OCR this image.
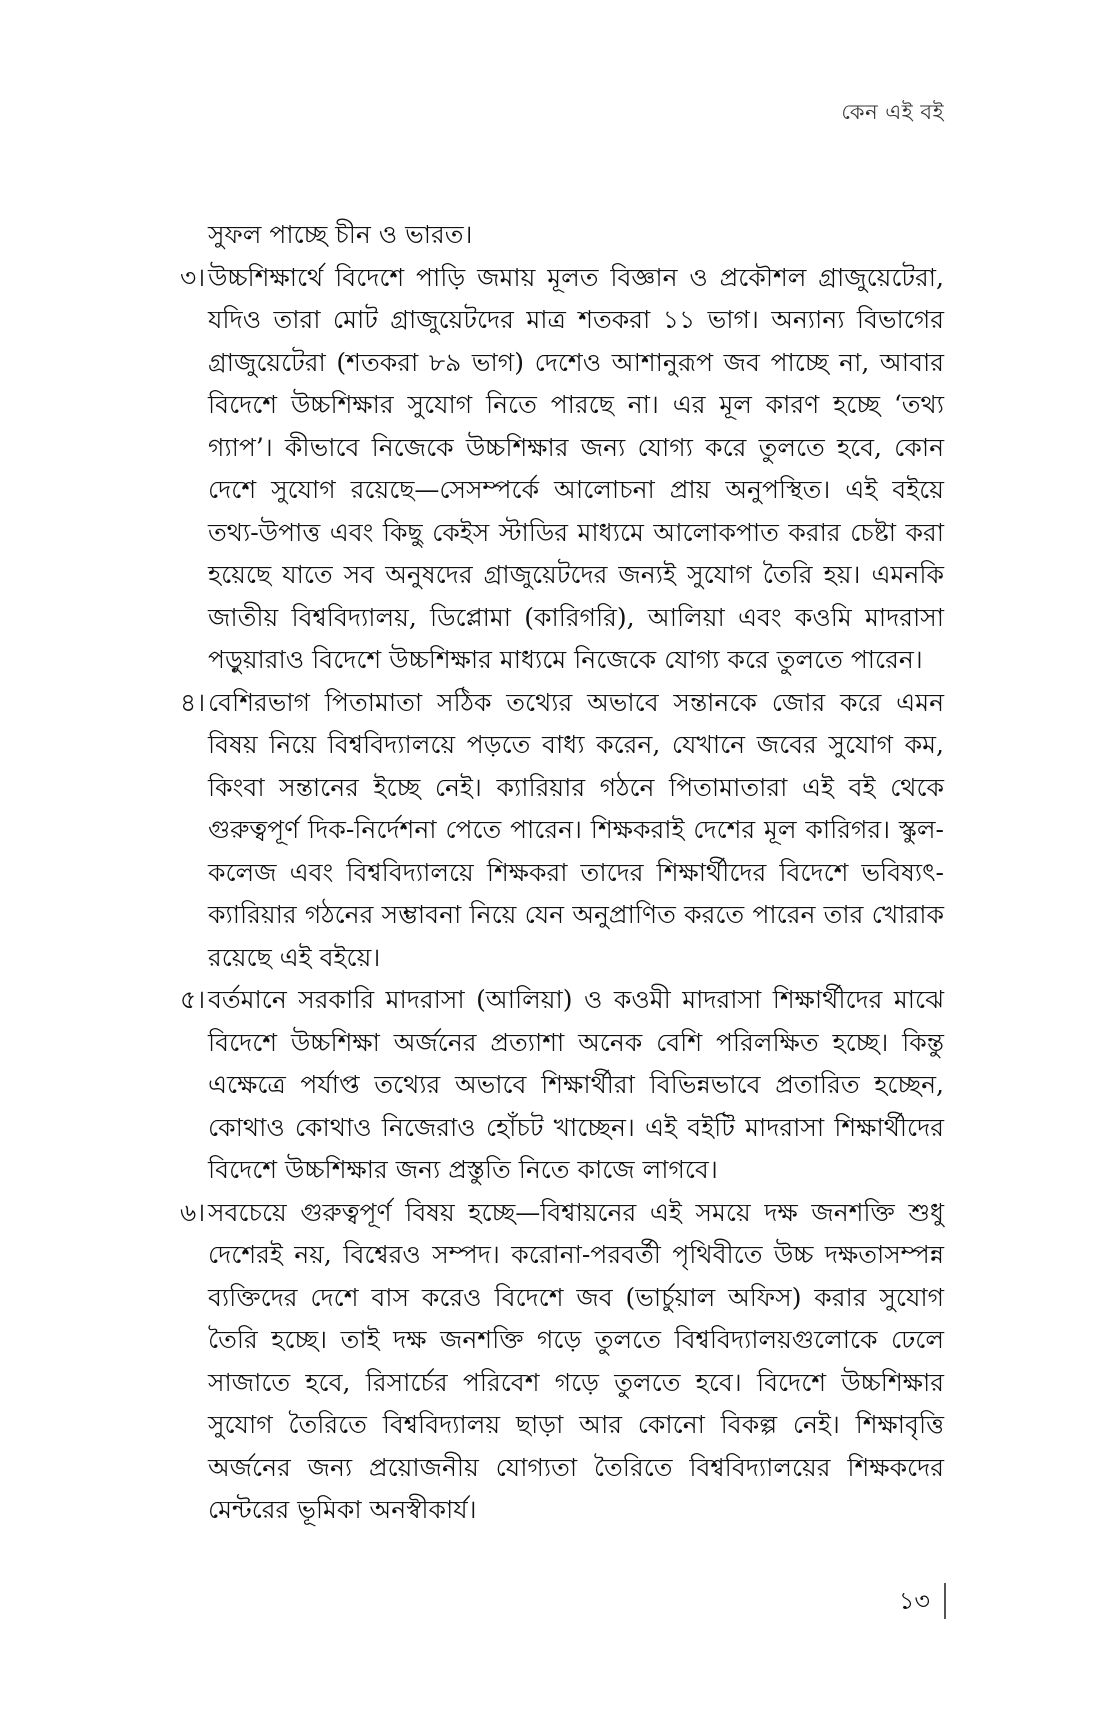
কেন এই বই

সুফল পাচ্ছে চীন ও ভারত।

৩। উচ্চশিক্ষার্থে বিদেশে পাড়ি জমায় মূলত বিজ্ঞান ও প্রকৌশল গ্রাজুয়েটেরা, যদিও তারা মোট গ্রাজুয়েটদের মাত্র শতকরা ১১ ভাগ। অন্যান্য বিভাগের গ্রাজুয়েটেরা (শতকরা ৮৯ ভাগ) দেশেও আশানুরূপ জব পাচ্ছে না, আবার বিদেশে উচ্চশিক্ষার সুযোগ নিতে পারছে না। এর মূল কারণ হচ্ছে ‘তথ্য গ্যাপ’। কীভাবে নিজেকে উচ্চশিক্ষার জন্য যোগ্য করে তুলতে হবে, কোন দেশে সুযোগ রয়েছে—সেসম্পর্কে আলোচনা প্রায় অনুপস্থিত। এই বইয়ে তথ্য-উপাত্ত এবং কিছু কেইস স্টাডির মাধ্যমে আলোকপাত করার চেষ্টা করা হয়েছে যাতে সব অনুষদের গ্রাজুয়েটদের জন্যই সুযোগ তৈরি হয়। এমনকি জাতীয় বিশ্ববিদ্যালয়, ডিপ্লোমা (কারিগরি), আলিয়া এবং কওমি মাদরাসা পড়ুয়ারাও বিদেশে উচ্চশিক্ষার মাধ্যমে নিজেকে যোগ্য করে তুলতে পারেন।

৪। বেশিরভাগ পিতামাতা সঠিক তথ্যের অভাবে সন্তানকে জোর করে এমন বিষয় নিয়ে বিশ্ববিদ্যালয়ে পড়তে বাধ্য করেন, যেখানে জবের সুযোগ কম, কিংবা সন্তানের ইচ্ছে নেই। ক্যারিয়ার গঠনে পিতামাতারা এই বই থেকে গুরুত্বপূর্ণ দিক-নির্দেশনা পেতে পারেন। শিক্ষকরাই দেশের মূল কারিগর। স্কুল-কলেজ এবং বিশ্ববিদ্যালয়ে শিক্ষকরা তাদের শিক্ষার্থীদের বিদেশে ভবিষ্যৎ-ক্যারিয়ার গঠনের সম্ভাবনা নিয়ে যেন অনুপ্রাণিত করতে পারেন তার খোরাক রয়েছে এই বইয়ে।

৫। বর্তমানে সরকারি মাদরাসা (আলিয়া) ও কওমী মাদরাসা শিক্ষার্থীদের মাঝে বিদেশে উচ্চশিক্ষা অর্জনের প্রত্যাশা অনেক বেশি পরিলক্ষিত হচ্ছে। কিন্তু এক্ষেত্রে পর্যাপ্ত তথ্যের অভাবে শিক্ষার্থীরা বিভিন্নভাবে প্রতারিত হচ্ছেন, কোথাও কোথাও নিজেরাও হোঁচট খাচ্ছেন। এই বইটি মাদরাসা শিক্ষার্থীদের বিদেশে উচ্চশিক্ষার জন্য প্রস্তুতি নিতে কাজে লাগবে।

৬। সবচেয়ে গুরুত্বপূর্ণ বিষয় হচ্ছে—বিশ্বায়নের এই সময়ে দক্ষ জনশক্তি শুধু দেশেরই নয়, বিশ্বেরও সম্পদ। করোনা-পরবর্তী পৃথিবীতে উচ্চ দক্ষতাসম্পন্ন ব্যক্তিদের দেশে বাস করেও বিদেশে জব (ভার্চুয়াল অফিস) করার সুযোগ তৈরি হচ্ছে। তাই দক্ষ জনশক্তি গড়ে তুলতে বিশ্ববিদ্যালয়গুলোকে ঢেলে সাজাতে হবে, রিসার্চের পরিবেশ গড়ে তুলতে হবে। বিদেশে উচ্চশিক্ষার সুযোগ তৈরিতে বিশ্ববিদ্যালয় ছাড়া আর কোনো বিকল্প নেই। শিক্ষাবৃত্তি অর্জনের জন্য প্রয়োজনীয় যোগ্যতা তৈরিতে বিশ্ববিদ্যালয়ের শিক্ষকদের মেন্টরের ভূমিকা অনস্বীকার্য।

১৩
